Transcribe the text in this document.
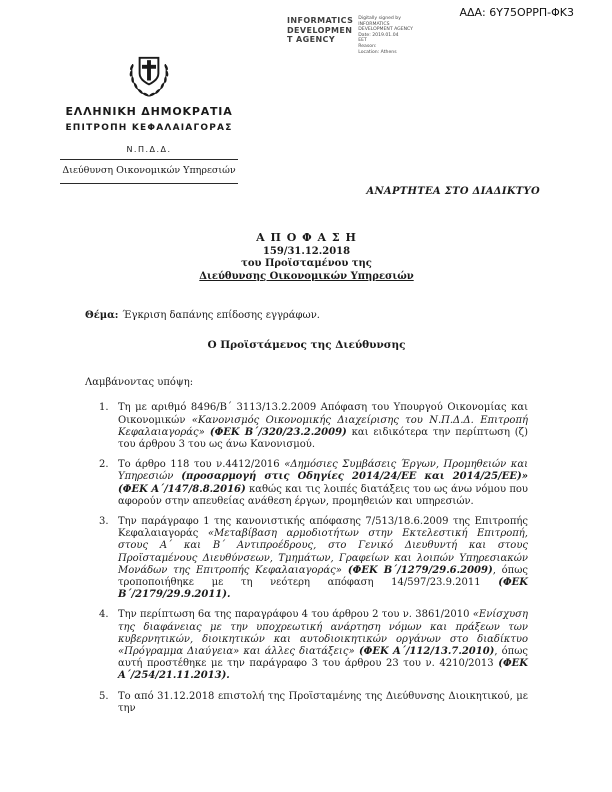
ΑΔΑ: 6Y75ΟΡΡΠ-ΦΚ3
INFORMATICS
DEVELOPMEN
T AGENCY
Digitally signed by
INFORMATICS
DEVELOPMENT AGENCY
Date: 2019.01.04
EET
Reason:
Location: Athens
ΕΛΛΗΝΙΚΗ ΔΗΜΟΚΡΑΤΙΑ
ΕΠΙΤΡΟΠΗ ΚΕΦΑΛΑΙΑΓΟΡΑΣ
Ν.Π.Δ.Δ.
Διεύθυνση Οικονομικών Υπηρεσιών
ΑΝΑΡΤΗΤΕΑ ΣΤΟ ΔΙΑΔΙΚΤΥΟ
Α Π Ο Φ Α Σ Η
159/31.12.2018
του Προϊσταμένου της
Διεύθυνσης Οικονομικών Υπηρεσιών
Θέμα: Έγκριση δαπάνης επίδοσης εγγράφων.
Ο Προϊστάμενος της Διεύθυνσης
Λαμβάνοντας υπόψη:
1. Τη με αριθμό 8496/Β΄ 3113/13.2.2009 Απόφαση του Υπουργού Οικονομίας και Οικονομικών «Κανονισμός Οικονομικής Διαχείρισης του Ν.Π.Δ.Δ. Επιτροπή Κεφαλαιαγοράς» (ΦΕΚ Β΄/320/23.2.2009) και ειδικότερα την περίπτωση (ζ) του άρθρου 3 του ως άνω Κανονισμού.
2. Το άρθρο 118 του ν.4412/2016 «Δημόσιες Συμβάσεις Έργων, Προμηθειών και Υπηρεσιών (προσαρμογή στις Οδηγίες 2014/24/ΕΕ και 2014/25/ΕΕ)» (ΦΕΚ Α΄/147/8.8.2016) καθώς και τις λοιπές διατάξεις του ως άνω νόμου που αφορούν στην απευθείας ανάθεση έργων, προμηθειών και υπηρεσιών.
3. Την παράγραφο 1 της κανονιστικής απόφασης 7/513/18.6.2009 της Επιτροπής Κεφαλαιαγοράς «Μεταβίβαση αρμοδιοτήτων στην Εκτελεστική Επιτροπή, στους Α΄ και Β΄ Αντιπροέδρους, στο Γενικό Διευθυντή και στους Προϊσταμένους Διευθύνσεων, Τμημάτων, Γραφείων και λοιπών Υπηρεσιακών Μονάδων της Επιτροπής Κεφαλαιαγοράς» (ΦΕΚ Β΄/1279/29.6.2009), όπως τροποποιήθηκε με τη νεότερη απόφαση 14/597/23.9.2011 (ΦΕΚ Β΄/2179/29.9.2011).
4. Την περίπτωση 6α της παραγράφου 4 του άρθρου 2 του ν. 3861/2010 «Ενίσχυση της διαφάνειας με την υποχρεωτική ανάρτηση νόμων και πράξεων των κυβερνητικών, διοικητικών και αυτοδιοικητικών οργάνων στο διαδίκτυο «Πρόγραμμα Διαύγεια» και άλλες διατάξεις» (ΦΕΚ Α΄/112/13.7.2010), όπως αυτή προστέθηκε με την παράγραφο 3 του άρθρου 23 του ν. 4210/2013 (ΦΕΚ Α΄/254/21.11.2013).
5. Το από 31.12.2018 επιστολή της Προϊσταμένης της Διεύθυνσης Διοικητικού, με την
